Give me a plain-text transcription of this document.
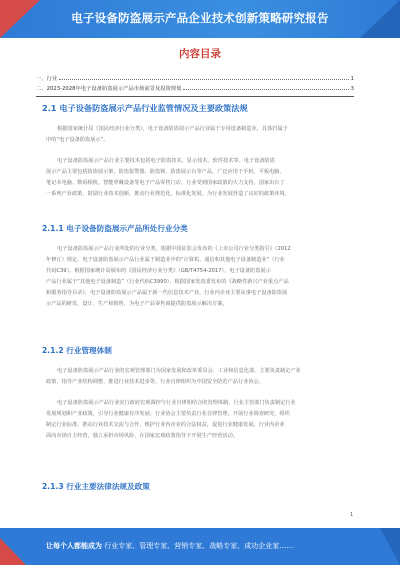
电子设备防盗展示产品企业技术创新策略研究报告
内容目录
一、行业	1
二、2023-2028年电子设备防盗展示产品市场前景及投资规划	3
2.1 电子设备防盗展示产品行业监管情况及主要政策法规
根据国家统计局《国民经济行业分类》，电子设备防盗展示产品行业属于专用设备制造业，具体归属于
中的“电子设备防盗展示”。
电子设备防盗展示产品行业主要技术包括电子防盗技术、显示技术、软件技术等。电子设备防盗
展示产品主要包括防盗展示架、防盗报警器、防盗锁、防盗展示台等产品，广泛应用于手机、平板电脑、
笔记本电脑、数码相机、智能穿戴设备等电子产品零售门店。行业受到国家政策的大力支持，国家出台了
一系列产业政策，鼓励行业技术创新，推动行业规范化、标准化发展，为行业发展营造了良好的政策环境。
2.1.1 电子设备防盗展示产品所处行业分类
电子设备防盗展示产品行业所处的行业分类，根据中国证监会发布的《上市公司行业分类指引》（2012
年修订）规定，电子设备防盗展示产品行业属于制造业中的“计算机、通信和其他电子设备制造业”（行业
代码C39）。根据国家统计局颁布的《国民经济行业分类》（GB/T4754-2017），电子设备防盗展示
产品行业属于“其他电子设备制造”（行业代码C3990）。根据国家发改委发布的《战略性新兴产业重点产品
和服务指导目录》，电子设备防盗展示产品属于新一代信息技术产业。行业内企业主要从事电子设备防盗展
示产品的研发、设计、生产和销售，为电子产品零售商提供防盗展示解决方案。
2.1.2 行业管理体制
电子设备防盗展示产品行业的宏观管理部门为国家发展和改革委员会、工业和信息化部，主要负责制定产业
政策、指导产业结构调整、推进行业技术进步等。行业自律组织为中国安全防范产品行业协会。
电子设备防盗展示产品行业实行政府宏观调控与行业自律相结合的管理体制。行业主管部门负责制定行业
发展规划和产业政策，引导行业健康有序发展；行业协会主要负责行业自律管理，开展行业调查研究，组织
制定行业标准，推动行业技术交流与合作，维护行业内企业的合法权益，促进行业健康发展。行业内企业
面向市场自主经营，独立承担市场风险，在国家宏观政策指导下开展生产经营活动。
2.1.3 行业主要法律法规及政策
1
让每个人都能成为 行业专家、管理专家、营销专家、战略专家、成功企业家……
